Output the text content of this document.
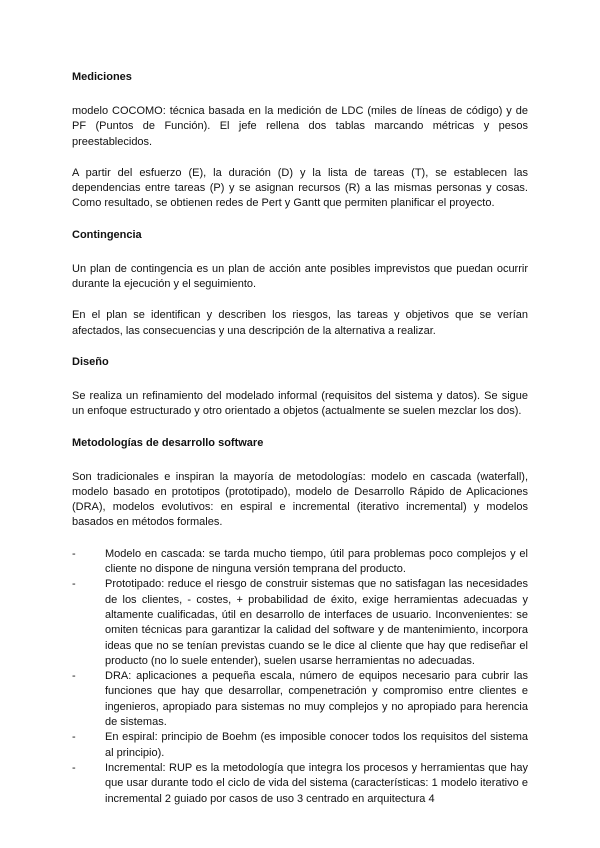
Mediciones

modelo COCOMO: técnica basada en la medición de LDC (miles de líneas de código) y de PF (Puntos de Función). El jefe rellena dos tablas marcando métricas y pesos preestablecidos.

A partir del esfuerzo (E), la duración (D) y la lista de tareas (T), se establecen las dependencias entre tareas (P) y se asignan recursos (R) a las mismas personas y cosas. Como resultado, se obtienen redes de Pert y Gantt que permiten planificar el proyecto.

Contingencia

Un plan de contingencia es un plan de acción ante posibles imprevistos que puedan ocurrir durante la ejecución y el seguimiento.

En el plan se identifican y describen los riesgos, las tareas y objetivos que se verían afectados, las consecuencias y una descripción de la alternativa a realizar.

Diseño

Se realiza un refinamiento del modelado informal (requisitos del sistema y datos). Se sigue un enfoque estructurado y otro orientado a objetos (actualmente se suelen mezclar los dos).

Metodologías de desarrollo software

Son tradicionales e inspiran la mayoría de metodologías: modelo en cascada (waterfall), modelo basado en prototipos (prototipado), modelo de Desarrollo Rápido de Aplicaciones (DRA), modelos evolutivos: en espiral e incremental (iterativo incremental) y modelos basados en métodos formales.

- Modelo en cascada: se tarda mucho tiempo, útil para problemas poco complejos y el cliente no dispone de ninguna versión temprana del producto.
- Prototipado: reduce el riesgo de construir sistemas que no satisfagan las necesidades de los clientes, - costes, + probabilidad de éxito, exige herramientas adecuadas y altamente cualificadas, útil en desarrollo de interfaces de usuario. Inconvenientes: se omiten técnicas para garantizar la calidad del software y de mantenimiento, incorpora ideas que no se tenían previstas cuando se le dice al cliente que hay que rediseñar el producto (no lo suele entender), suelen usarse herramientas no adecuadas.
- DRA: aplicaciones a pequeña escala, número de equipos necesario para cubrir las funciones que hay que desarrollar, compenetración y compromiso entre clientes e ingenieros, apropiado para sistemas no muy complejos y no apropiado para herencia de sistemas.
- En espiral: principio de Boehm (es imposible conocer todos los requisitos del sistema al principio).
- Incremental: RUP es la metodología que integra los procesos y herramientas que hay que usar durante todo el ciclo de vida del sistema (características: 1 modelo iterativo e incremental 2 guiado por casos de uso 3 centrado en arquitectura 4
